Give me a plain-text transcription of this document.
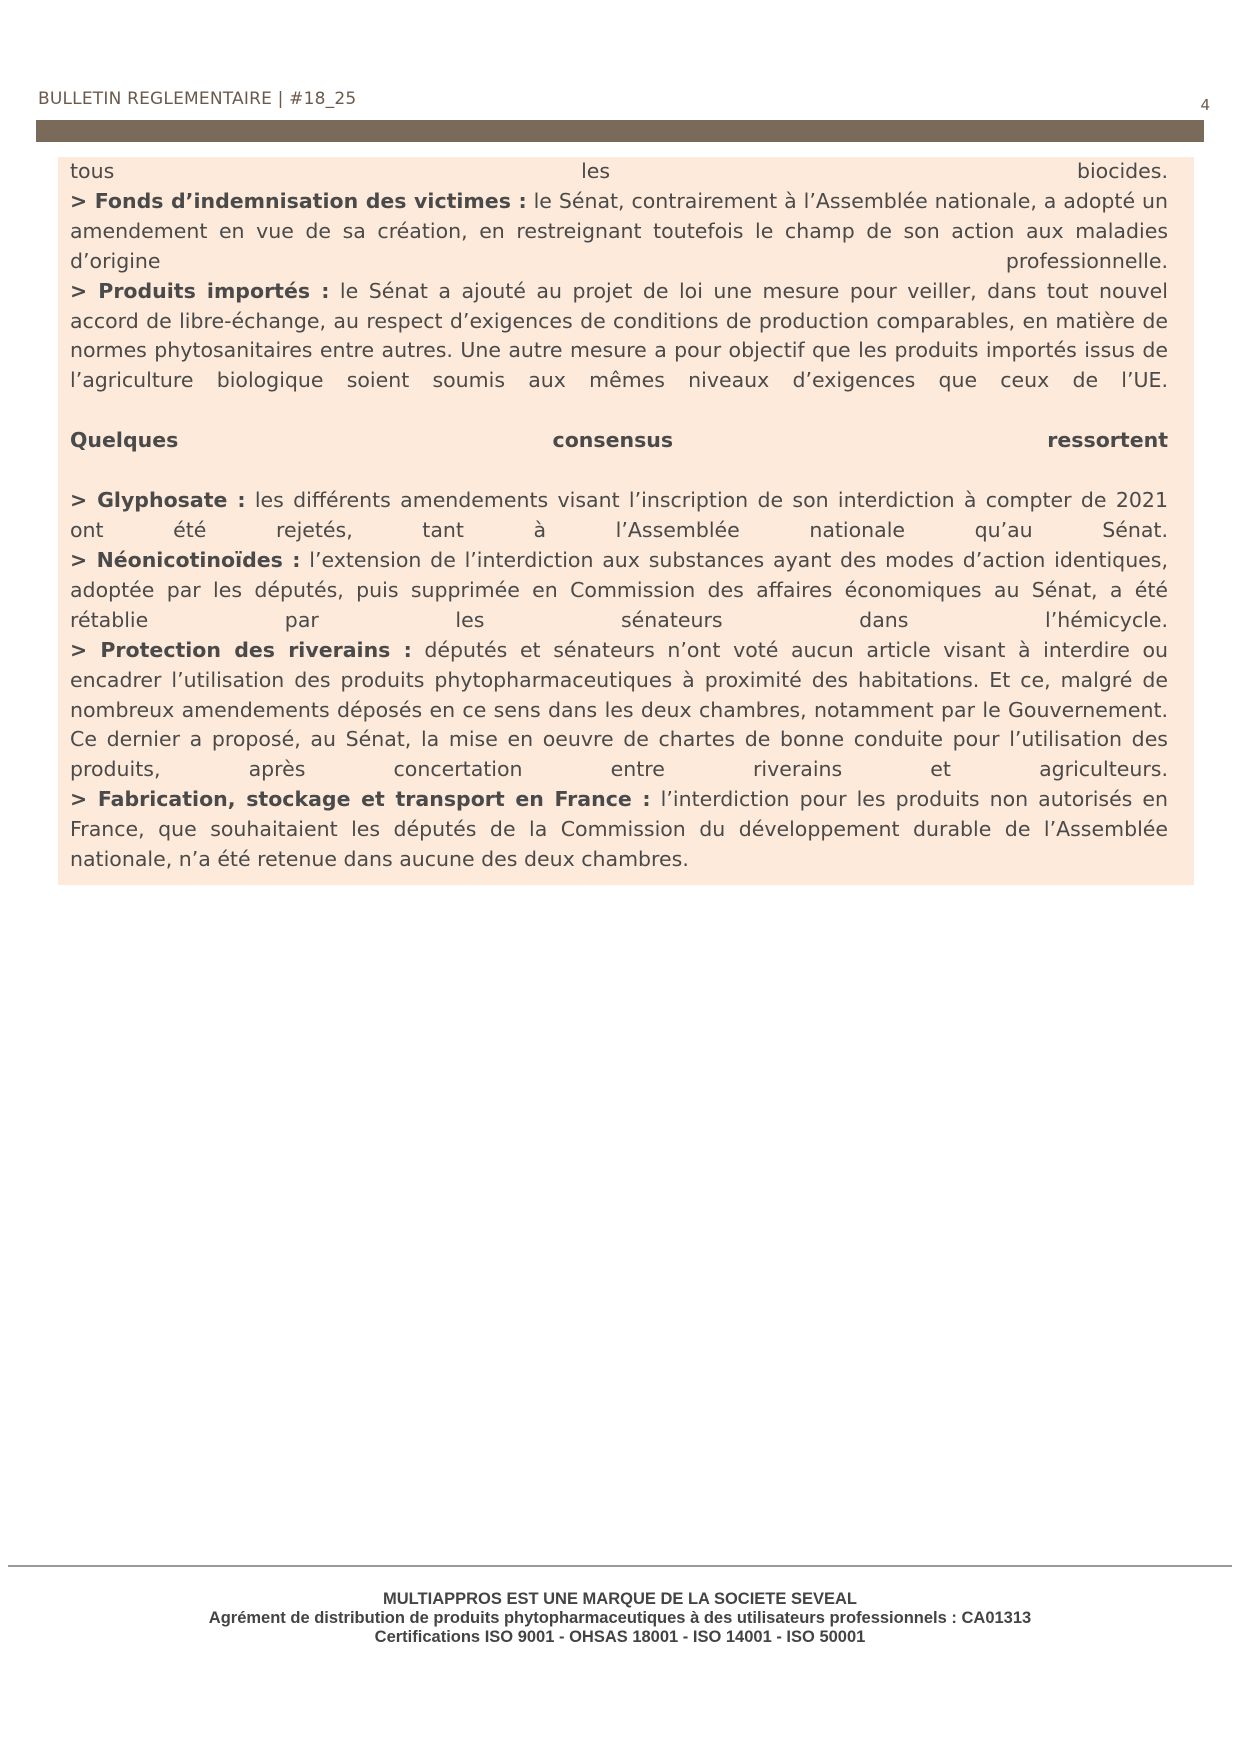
BULLETIN REGLEMENTAIRE | #18_25	4

tous les biocides.

> Fonds d’indemnisation des victimes : le Sénat, contrairement à l’Assemblée nationale, a adopté un amendement en vue de sa création, en restreignant toutefois le champ de son action aux maladies d’origine professionnelle.

> Produits importés : le Sénat a ajouté au projet de loi une mesure pour veiller, dans tout nouvel accord de libre-échange, au respect d’exigences de conditions de production comparables, en matière de normes phytosanitaires entre autres. Une autre mesure a pour objectif que les produits importés issus de l’agriculture biologique soient soumis aux mêmes niveaux d’exigences que ceux de l’UE.

Quelques consensus ressortent

> Glyphosate : les différents amendements visant l’inscription de son interdiction à compter de 2021 ont été rejetés, tant à l’Assemblée nationale qu’au Sénat.

> Néonicotinoïdes : l’extension de l’interdiction aux substances ayant des modes d’action identiques, adoptée par les députés, puis supprimée en Commission des affaires économiques au Sénat, a été rétablie par les sénateurs dans l’hémicycle.

> Protection des riverains : députés et sénateurs n’ont voté aucun article visant à interdire ou encadrer l’utilisation des produits phytopharmaceutiques à proximité des habitations. Et ce, malgré de nombreux amendements déposés en ce sens dans les deux chambres, notamment par le Gouvernement. Ce dernier a proposé, au Sénat, la mise en oeuvre de chartes de bonne conduite pour l’utilisation des produits, après concertation entre riverains et agriculteurs.

> Fabrication, stockage et transport en France : l’interdiction pour les produits non autorisés en France, que souhaitaient les députés de la Commission du développement durable de l’Assemblée nationale, n’a été retenue dans aucune des deux chambres.

MULTIAPPROS EST UNE MARQUE DE LA SOCIETE SEVEAL
Agrément de distribution de produits phytopharmaceutiques à des utilisateurs professionnels : CA01313
Certifications ISO 9001 - OHSAS 18001 - ISO 14001 - ISO 50001
